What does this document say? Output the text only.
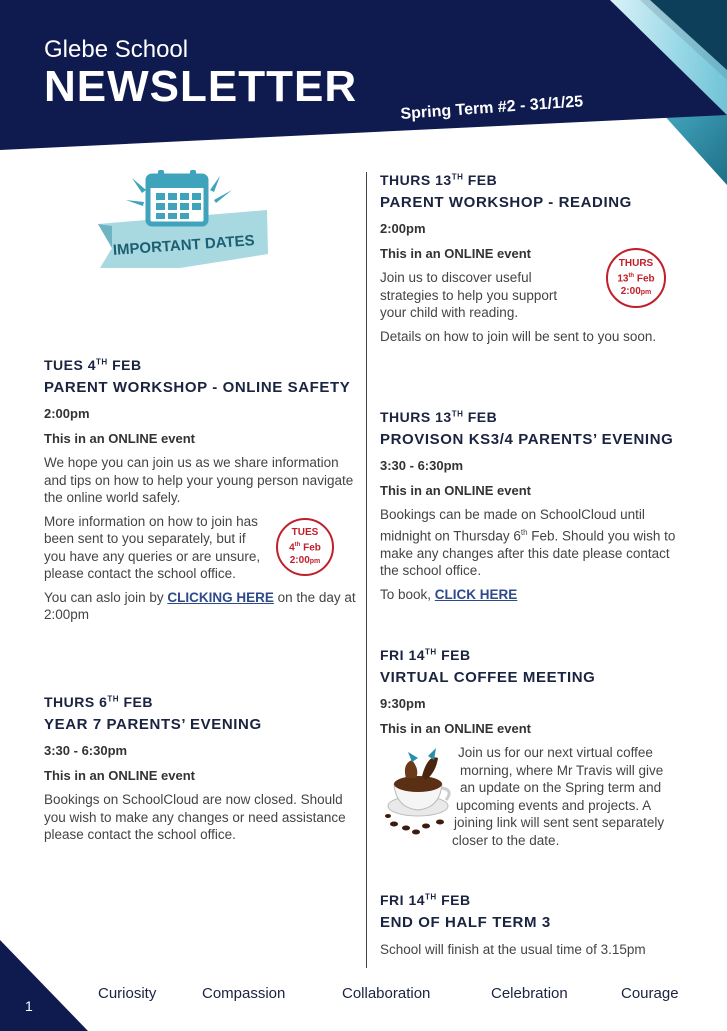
Glebe School
NEWSLETTER	Spring Term #2 - 31/1/25
IMPORTANT DATES
TUES 4TH FEB
PARENT WORKSHOP - ONLINE SAFETY
2:00pm
This in an ONLINE event

We hope you can join us as we share information and tips on how to help your young person navigate the online world safely.

More information on how to join has been sent to you separately, but if you have any queries or are unsure, please contact the school office.

You can aslo join by CLICKING HERE on the day at 2:00pm

TUES
4th Feb
2:00pm
THURS 6TH FEB
YEAR 7 PARENTS’ EVENING
3:30 - 6:30pm
This in an ONLINE event

Bookings on SchoolCloud are now closed. Should you wish to make any changes or need assistance please contact the school office.

THURS 13TH FEB
PARENT WORKSHOP - READING
2:00pm
This in an ONLINE event

Join us to discover useful strategies to help you support your child with reading.

Details on how to join will be sent to you soon.

THURS
13th Feb
2:00pm
THURS 13TH FEB
PROVISON KS3/4 PARENTS’ EVENING
3:30 - 6:30pm
This in an ONLINE event

Bookings can be made on SchoolCloud until midnight on Thursday 6th Feb. Should you wish to make any changes after this date please contact the school office.

To book, CLICK HERE

FRI 14TH FEB
VIRTUAL COFFEE MEETING
9:30pm
This in an ONLINE event
Join us for our next virtual coffee
morning, where Mr Travis will give
an update on the Spring term and
upcoming events and projects. A
joining link will sent sent separately
closer to the date.
FRI 14TH FEB
END OF HALF TERM 3

School will finish at the usual time of 3.15pm

1
Curiosity	Compassion	Collaboration	Celebration	Courage
